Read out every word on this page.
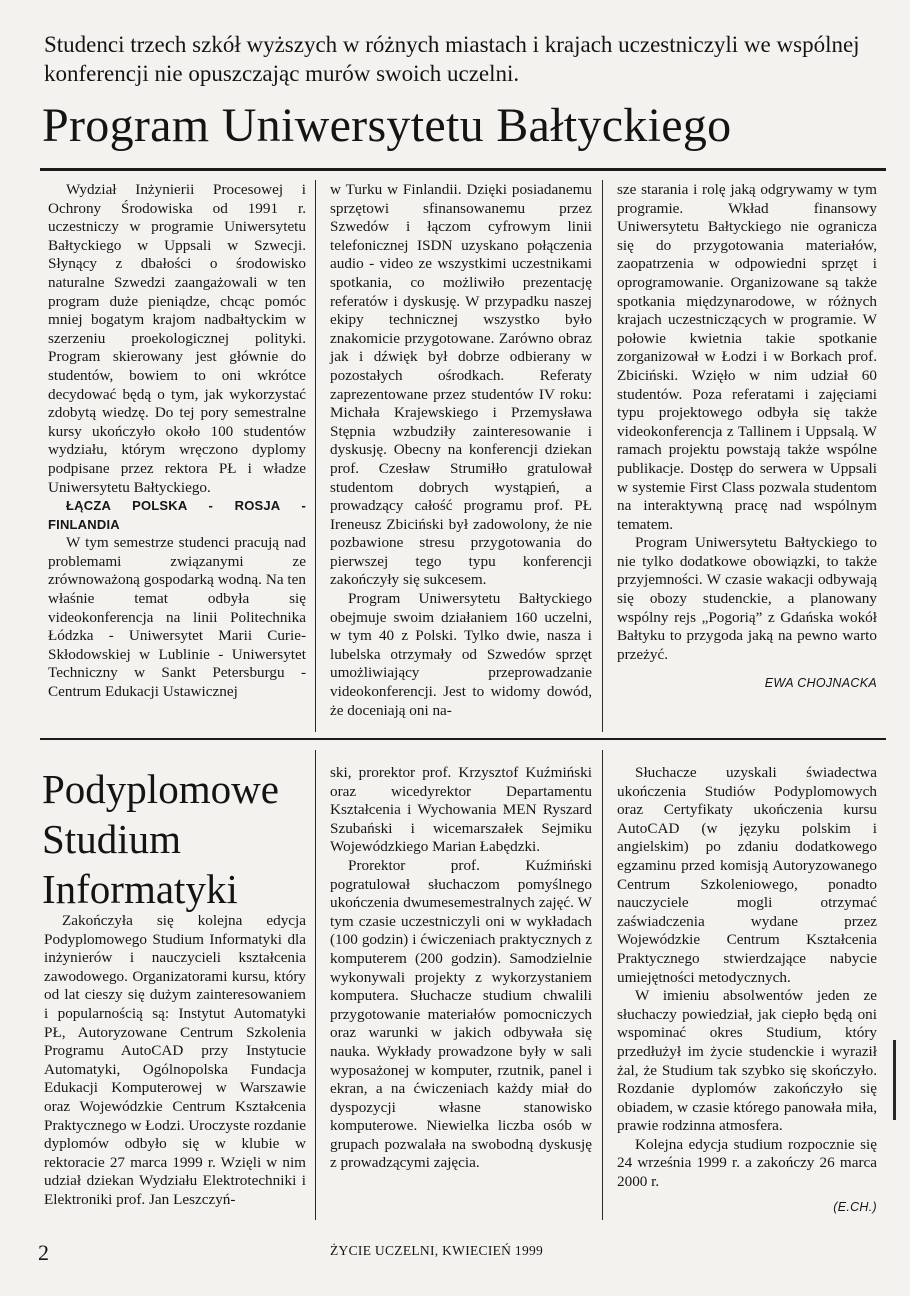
Studenci trzech szkół wyższych w różnych miastach i krajach uczestniczyli we wspólnej konferencji nie opuszczając murów swoich uczelni.
Program Uniwersytetu Bałtyckiego

Wydział Inżynierii Procesowej i Ochrony Środowiska od 1991 r. uczestniczy w programie Uniwersytetu Bałtyckiego w Uppsali w Szwecji. Słynący z dbałości o środowisko naturalne Szwedzi zaangażowali w ten program duże pieniądze, chcąc pomóc mniej bogatym krajom nadbałtyckim w szerzeniu proekologicznej polityki. Program skierowany jest głównie do studentów, bowiem to oni wkrótce decydować będą o tym, jak wykorzystać zdobytą wiedzę. Do tej pory semestralne kursy ukończyło około 100 studentów wydziału, którym wręczono dyplomy podpisane przez rektora PŁ i władze Uniwersytetu Bałtyckiego.

ŁĄCZA POLSKA - ROSJA - FINLANDIA

W tym semestrze studenci pracują nad problemami związanymi ze zrównoważoną gospodarką wodną. Na ten właśnie temat odbyła się videokonferencja na linii Politechnika Łódzka - Uniwersytet Marii Curie-Skłodowskiej w Lublinie - Uniwersytet Techniczny w Sankt Petersburgu - Centrum Edukacji Ustawicznej

w Turku w Finlandii. Dzięki posiadanemu sprzętowi sfinansowanemu przez Szwedów i łączom cyfrowym linii telefonicznej ISDN uzyskano połączenia audio - video ze wszystkimi uczestnikami spotkania, co możliwiło prezentację referatów i dyskusję. W przypadku naszej ekipy technicznej wszystko było znakomicie przygotowane. Zarówno obraz jak i dźwięk był dobrze odbierany w pozostałych ośrodkach. Referaty zaprezentowane przez studentów IV roku: Michała Krajewskiego i Przemysława Stępnia wzbudziły zainteresowanie i dyskusję. Obecny na konferencji dziekan prof. Czesław Strumiłło gratulował studentom dobrych wystąpień, a prowadzący całość programu prof. PŁ Ireneusz Zbiciński był zadowolony, że nie pozbawione stresu przygotowania do pierwszej tego typu konferencji zakończyły się sukcesem.

Program Uniwersytetu Bałtyckiego obejmuje swoim działaniem 160 uczelni, w tym 40 z Polski. Tylko dwie, nasza i lubelska otrzymały od Szwedów sprzęt umożliwiający przeprowadzanie videokonferencji. Jest to widomy dowód, że doceniają oni na-

sze starania i rolę jaką odgrywamy w tym programie. Wkład finansowy Uniwersytetu Bałtyckiego nie ogranicza się do przygotowania materiałów, zaopatrzenia w odpowiedni sprzęt i oprogramowanie. Organizowane są także spotkania międzynarodowe, w różnych krajach uczestniczących w programie. W połowie kwietnia takie spotkanie zorganizował w Łodzi i w Borkach prof. Zbiciński. Wzięło w nim udział 60 studentów. Poza referatami i zajęciami typu projektowego odbyła się także videokonferencja z Tallinem i Uppsalą. W ramach projektu powstają także wspólne publikacje. Dostęp do serwera w Uppsali w systemie First Class pozwala studentom na interaktywną pracę nad wspólnym tematem.

Program Uniwersytetu Bałtyckiego to nie tylko dodatkowe obowiązki, to także przyjemności. W czasie wakacji odbywają się obozy studenckie, a planowany wspólny rejs „Pogorią” z Gdańska wokół Bałtyku to przygoda jaką na pewno warto przeżyć.

EWA CHOJNACKA
Podyplomowe Studium Informatyki

Zakończyła się kolejna edycja Podyplomowego Studium Informatyki dla inżynierów i nauczycieli kształcenia zawodowego. Organizatorami kursu, który od lat cieszy się dużym zainteresowaniem i popularnością są: Instytut Automatyki PŁ, Autoryzowane Centrum Szkolenia Programu AutoCAD przy Instytucie Automatyki, Ogólnopolska Fundacja Edukacji Komputerowej w Warszawie oraz Wojewódzkie Centrum Kształcenia Praktycznego w Łodzi. Uroczyste rozdanie dyplomów odbyło się w klubie w rektoracie 27 marca 1999 r. Wzięli w nim udział dziekan Wydziału Elektrotechniki i Elektroniki prof. Jan Leszczyń-

ski, prorektor prof. Krzysztof Kuźmiński oraz wicedyrektor Departamentu Kształcenia i Wychowania MEN Ryszard Szubański i wicemarszałek Sejmiku Wojewódzkiego Marian Łabędzki.

Prorektor prof. Kuźmiński pogratulował słuchaczom pomyślnego ukończenia dwumesemestralnych zajęć. W tym czasie uczestniczyli oni w wykładach (100 godzin) i ćwiczeniach praktycznych z komputerem (200 godzin). Samodzielnie wykonywali projekty z wykorzystaniem komputera. Słuchacze studium chwalili przygotowanie materiałów pomocniczych oraz warunki w jakich odbywała się nauka. Wykłady prowadzone były w sali wyposażonej w komputer, rzutnik, panel i ekran, a na ćwiczeniach każdy miał do dyspozycji własne stanowisko komputerowe. Niewielka liczba osób w grupach pozwalała na swobodną dyskusję z prowadzącymi zajęcia.

Słuchacze uzyskali świadectwa ukończenia Studiów Podyplomowych oraz Certyfikaty ukończenia kursu AutoCAD (w języku polskim i angielskim) po zdaniu dodatkowego egzaminu przed komisją Autoryzowanego Centrum Szkoleniowego, ponadto nauczyciele mogli otrzymać zaświadczenia wydane przez Wojewódzkie Centrum Kształcenia Praktycznego stwierdzające nabycie umiejętności metodycznych.

W imieniu absolwentów jeden ze słuchaczy powiedział, jak ciepło będą oni wspominać okres Studium, który przedłużył im życie studenckie i wyraził żal, że Studium tak szybko się skończyło. Rozdanie dyplomów zakończyło się obiadem, w czasie którego panowała miła, prawie rodzinna atmosfera.

Kolejna edycja studium rozpocznie się 24 września 1999 r. a zakończy 26 marca 2000 r.

(E.CH.)
2	ŻYCIE UCZELNI, KWIECIEŃ 1999
